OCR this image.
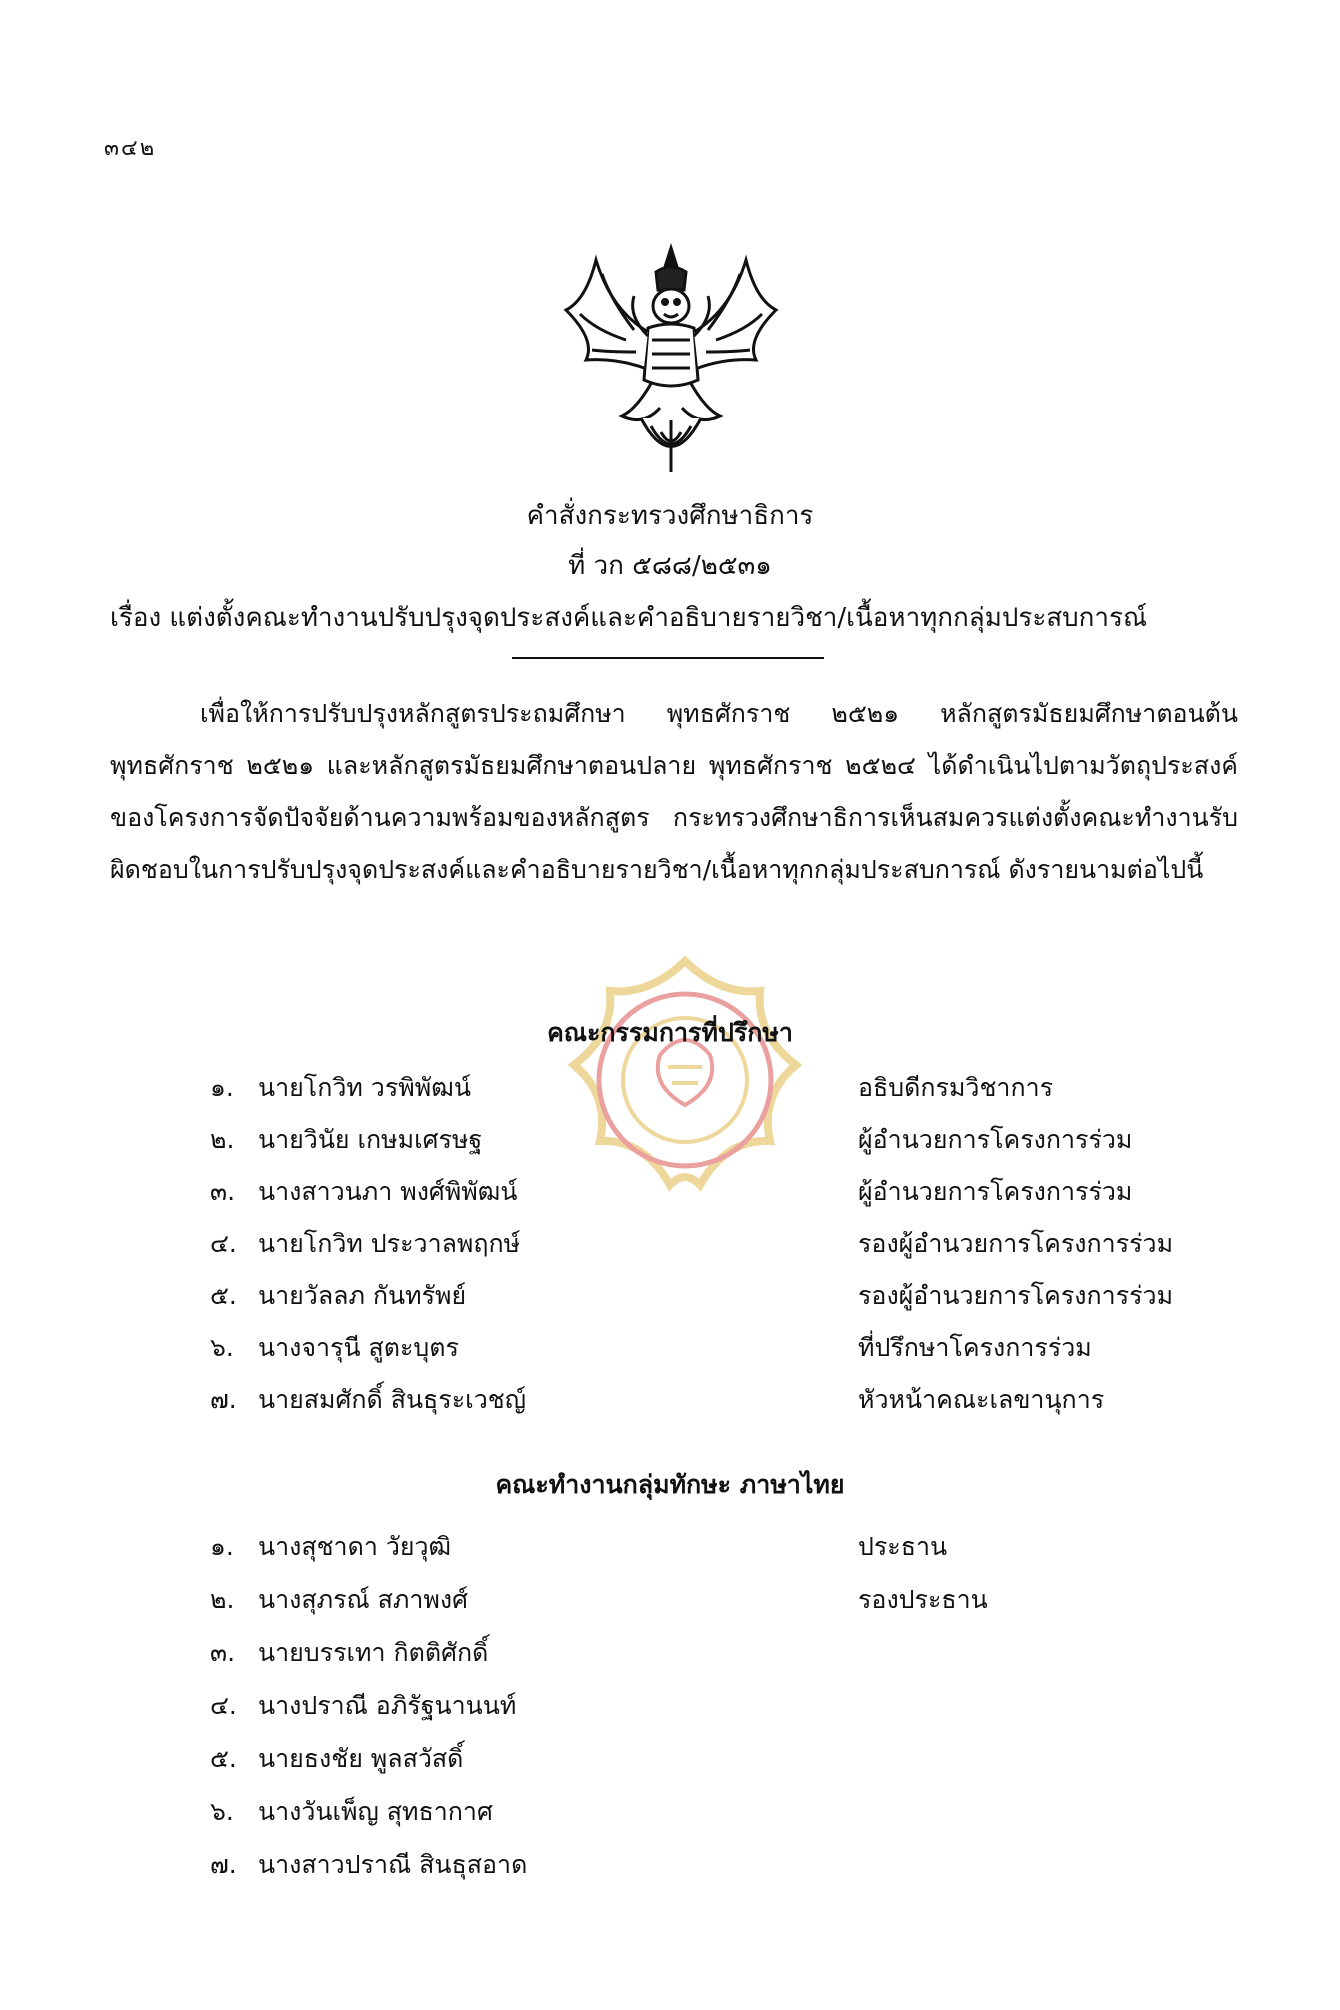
๓๔๒
คำสั่งกระทรวงศึกษาธิการ
ที่ วก ๕๘๘/๒๕๓๑
เรื่อง แต่งตั้งคณะทำงานปรับปรุงจุดประสงค์และคำอธิบายรายวิชา/เนื้อหาทุกกลุ่มประสบการณ์
เพื่อให้การปรับปรุงหลักสูตรประถมศึกษา พุทธศักราช ๒๕๒๑ หลักสูตรมัธยมศึกษาตอนต้น พุทธศักราช ๒๕๒๑ และหลักสูตรมัธยมศึกษาตอนปลาย พุทธศักราช ๒๕๒๔ ได้ดำเนินไปตามวัตถุประสงค์ของโครงการจัดปัจจัยด้านความพร้อมของหลักสูตร กระทรวงศึกษาธิการเห็นสมควรแต่งตั้งคณะทำงานรับผิดชอบในการปรับปรุงจุดประสงค์และคำอธิบายรายวิชา/เนื้อหาทุกกลุ่มประสบการณ์ ดังรายนามต่อไปนี้
คณะกรรมการที่ปรึกษา
๑. นายโกวิท วรพิพัฒน์	อธิบดีกรมวิชาการ
๒. นายวินัย เกษมเศรษฐ	ผู้อำนวยการโครงการร่วม
๓. นางสาวนภา พงศ์พิพัฒน์	ผู้อำนวยการโครงการร่วม
๔. นายโกวิท ประวาลพฤกษ์	รองผู้อำนวยการโครงการร่วม
๕. นายวัลลภ กันทรัพย์	รองผู้อำนวยการโครงการร่วม
๖. นางจารุนี สูตะบุตร	ที่ปรึกษาโครงการร่วม
๗. นายสมศักดิ์ สินธุระเวชญ์	หัวหน้าคณะเลขานุการ
คณะทำงานกลุ่มทักษะ ภาษาไทย
๑. นางสุชาดา วัยวุฒิ	ประธาน
๒. นางสุภรณ์ สภาพงศ์	รองประธาน
๓. นายบรรเทา กิตติศักดิ์
๔. นางปราณี อภิรัฐนานนท์
๕. นายธงชัย พูลสวัสดิ์
๖. นางวันเพ็ญ สุทธากาศ
๗. นางสาวปราณี สินธุสอาด
